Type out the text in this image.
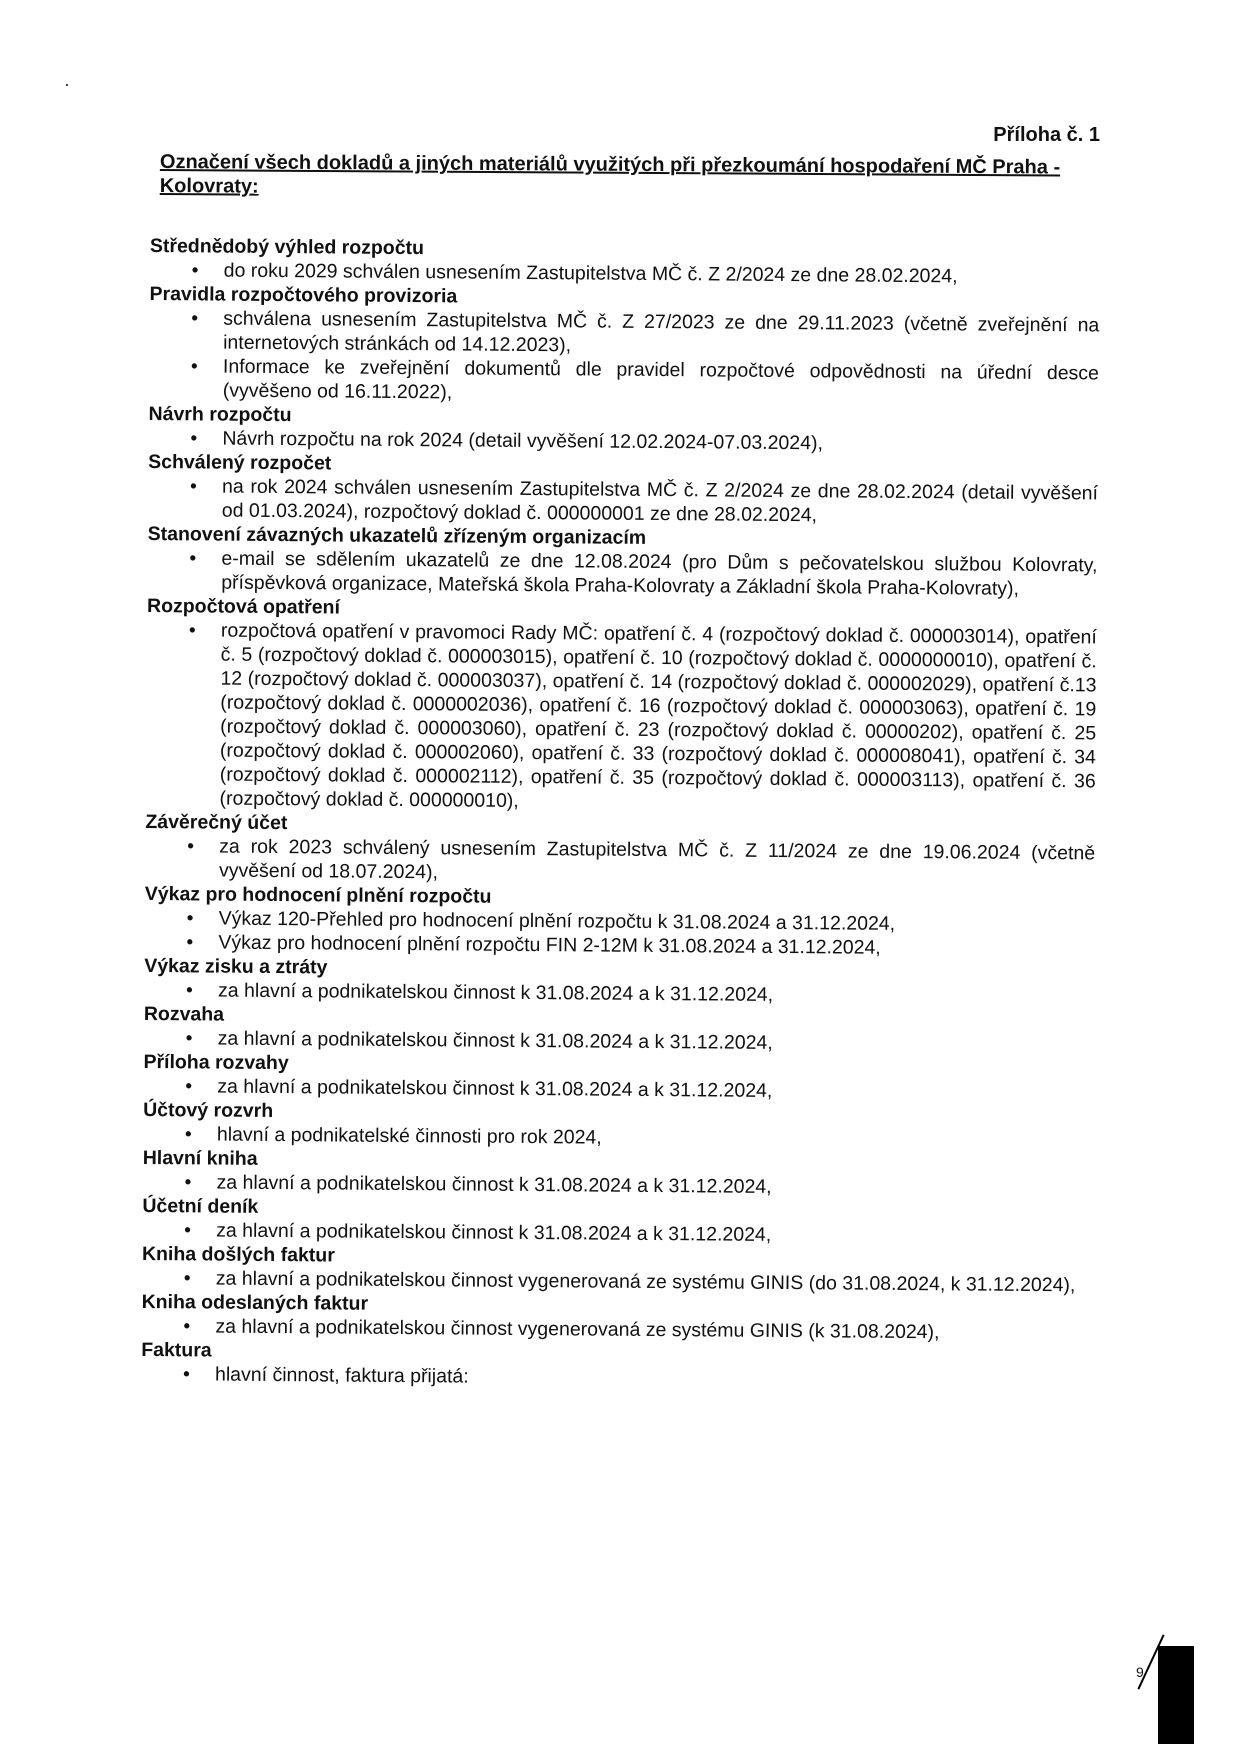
Příloha č. 1
Označení všech dokladů a jiných materiálů využitých při přezkoumání hospodaření MČ Praha - Kolovraty:

Střednědobý výhled rozpočtu

• do roku 2029 schválen usnesením Zastupitelstva MČ č. Z 2/2024 ze dne 28.02.2024,

Pravidla rozpočtového provizoria

• schválena usnesením Zastupitelstva MČ č. Z 27/2023 ze dne 29.11.2023 (včetně zveřejnění na internetových stránkách od 14.12.2023),
• Informace ke zveřejnění dokumentů dle pravidel rozpočtové odpovědnosti na úřední desce (vyvěšeno od 16.11.2022),

Návrh rozpočtu

• Návrh rozpočtu na rok 2024 (detail vyvěšení 12.02.2024-07.03.2024),

Schválený rozpočet

• na rok 2024 schválen usnesením Zastupitelstva MČ č. Z 2/2024 ze dne 28.02.2024 (detail vyvěšení od 01.03.2024), rozpočtový doklad č. 000000001 ze dne 28.02.2024,

Stanovení závazných ukazatelů zřízeným organizacím

• e-mail se sdělením ukazatelů ze dne 12.08.2024 (pro Dům s pečovatelskou službou Kolovraty, příspěvková organizace, Mateřská škola Praha-Kolovraty a Základní škola Praha-Kolovraty),

Rozpočtová opatření

• rozpočtová opatření v pravomoci Rady MČ: opatření č. 4 (rozpočtový doklad č. 000003014), opatření č. 5 (rozpočtový doklad č. 000003015), opatření č. 10 (rozpočtový doklad č. 0000000010), opatření č. 12 (rozpočtový doklad č. 000003037), opatření č. 14 (rozpočtový doklad č. 000002029), opatření č.13 (rozpočtový doklad č. 0000002036), opatření č. 16 (rozpočtový doklad č. 000003063), opatření č. 19 (rozpočtový doklad č. 000003060), opatření č. 23 (rozpočtový doklad č. 00000202), opatření č. 25 (rozpočtový doklad č. 000002060), opatření č. 33 (rozpočtový doklad č. 000008041), opatření č. 34 (rozpočtový doklad č. 000002112), opatření č. 35 (rozpočtový doklad č. 000003113), opatření č. 36 (rozpočtový doklad č. 000000010),

Závěrečný účet

• za rok 2023 schválený usnesením Zastupitelstva MČ č. Z 11/2024 ze dne 19.06.2024 (včetně vyvěšení od 18.07.2024),

Výkaz pro hodnocení plnění rozpočtu

• Výkaz 120-Přehled pro hodnocení plnění rozpočtu k 31.08.2024 a 31.12.2024,
• Výkaz pro hodnocení plnění rozpočtu FIN 2-12M k 31.08.2024 a 31.12.2024,

Výkaz zisku a ztráty

• za hlavní a podnikatelskou činnost k 31.08.2024 a k 31.12.2024,

Rozvaha

• za hlavní a podnikatelskou činnost k 31.08.2024 a k 31.12.2024,

Příloha rozvahy

• za hlavní a podnikatelskou činnost k 31.08.2024 a k 31.12.2024,

Účtový rozvrh

• hlavní a podnikatelské činnosti pro rok 2024,

Hlavní kniha

• za hlavní a podnikatelskou činnost k 31.08.2024 a k 31.12.2024,

Účetní deník

• za hlavní a podnikatelskou činnost k 31.08.2024 a k 31.12.2024,

Kniha došlých faktur

• za hlavní a podnikatelskou činnost vygenerovaná ze systému GINIS (do 31.08.2024, k 31.12.2024),

Kniha odeslaných faktur

• za hlavní a podnikatelskou činnost vygenerovaná ze systému GINIS (k 31.08.2024),

Faktura

• hlavní činnost, faktura přijatá:
9
